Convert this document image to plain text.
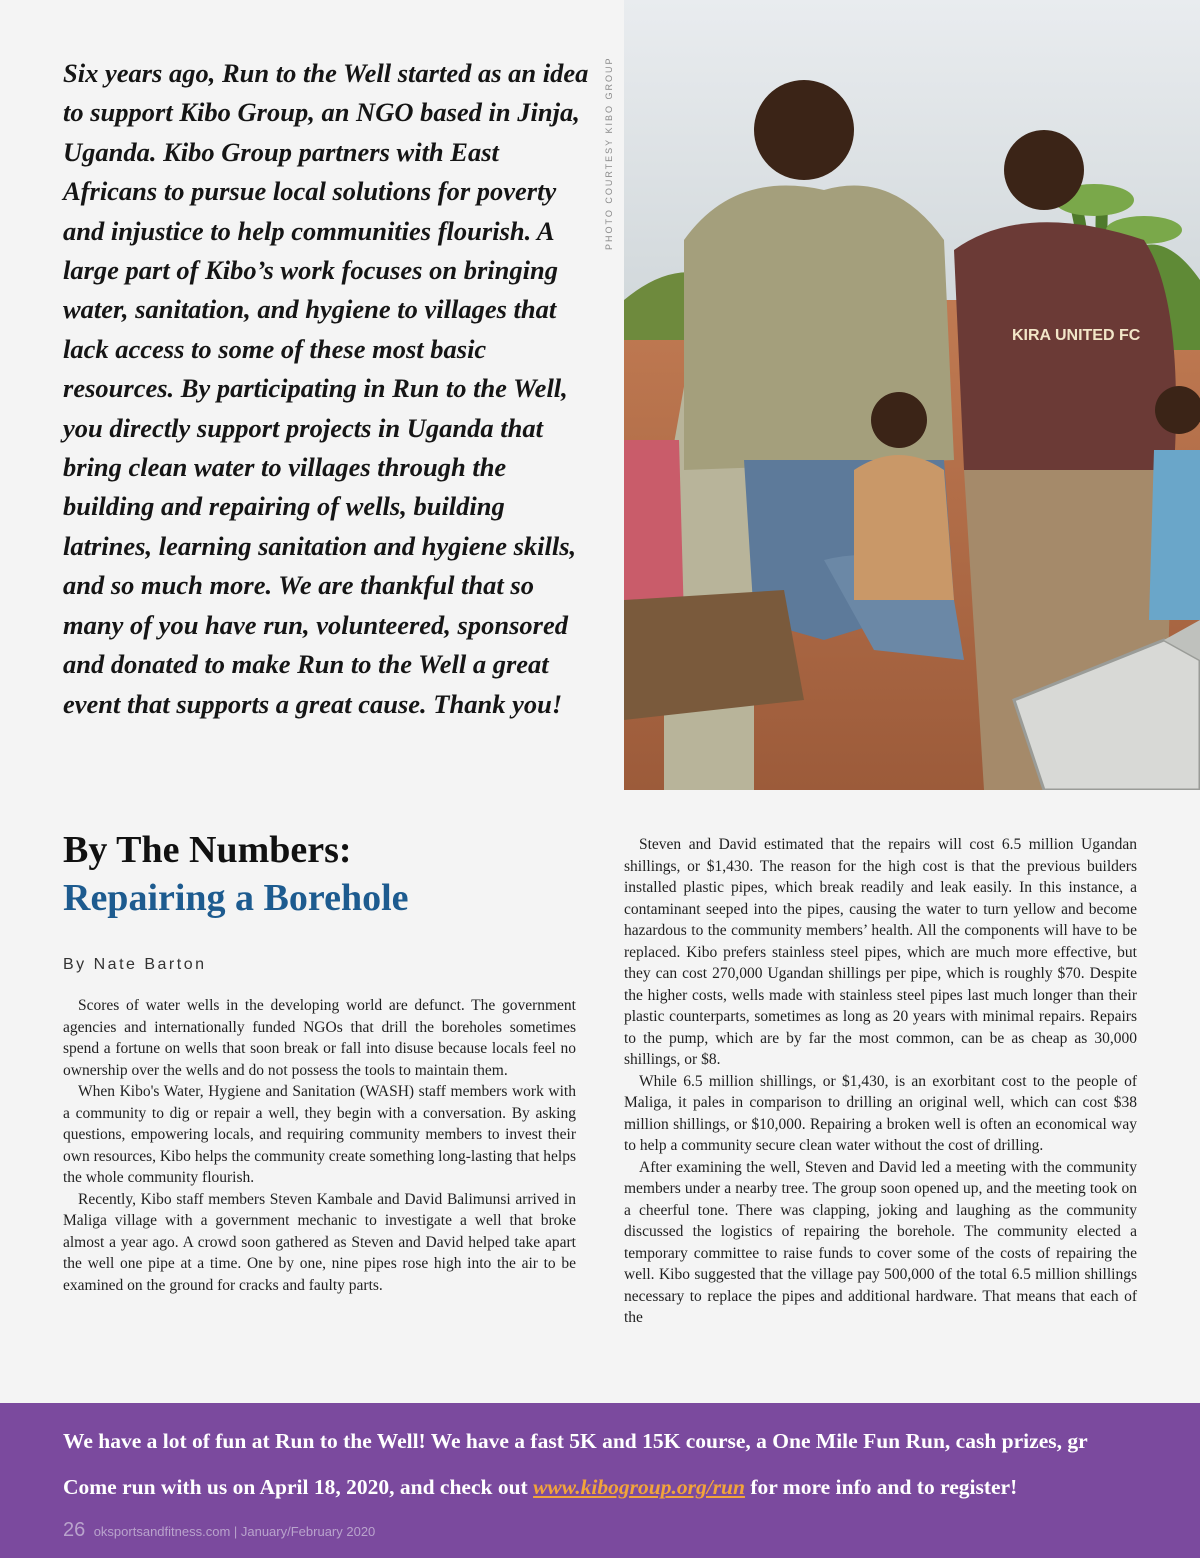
Six years ago, Run to the Well started as an idea to support Kibo Group, an NGO based in Jinja, Uganda. Kibo Group partners with East Africans to pursue local solutions for poverty and injustice to help communities flourish. A large part of Kibo’s work focuses on bringing water, sanitation, and hygiene to villages that lack access to some of these most basic resources. By participating in Run to the Well, you directly support projects in Uganda that bring clean water to villages through the building and repairing of wells, building latrines, learning sanitation and hygiene skills, and so much more. We are thankful that so many of you have run, volunteered, sponsored and donated to make Run to the Well a great event that supports a great cause. Thank you!

KIRA UNITED FC
PHOTO COURTESY KIBO GROUP
By The Numbers:
Repairing a Borehole
By Nate Barton

Scores of water wells in the developing world are defunct. The government agencies and internationally funded NGOs that drill the boreholes sometimes spend a fortune on wells that soon break or fall into disuse because locals feel no ownership over the wells and do not possess the tools to maintain them.

When Kibo's Water, Hygiene and Sanitation (WASH) staff members work with a community to dig or repair a well, they begin with a conversation. By asking questions, empowering locals, and requiring community members to invest their own resources, Kibo helps the community create something long-lasting that helps the whole community flourish.

Recently, Kibo staff members Steven Kambale and David Balimunsi arrived in Maliga village with a government mechanic to investigate a well that broke almost a year ago. A crowd soon gathered as Steven and David helped take apart the well one pipe at a time. One by one, nine pipes rose high into the air to be examined on the ground for cracks and faulty parts.

Steven and David estimated that the repairs will cost 6.5 million Ugandan shillings, or $1,430. The reason for the high cost is that the previous builders installed plastic pipes, which break readily and leak easily. In this instance, a contaminant seeped into the pipes, causing the water to turn yellow and become hazardous to the community members’ health. All the components will have to be replaced. Kibo prefers stainless steel pipes, which are much more effective, but they can cost 270,000 Ugandan shillings per pipe, which is roughly $70. Despite the higher costs, wells made with stainless steel pipes last much longer than their plastic counterparts, sometimes as long as 20 years with minimal repairs. Repairs to the pump, which are by far the most common, can be as cheap as 30,000 shillings, or $8.

While 6.5 million shillings, or $1,430, is an exorbitant cost to the people of Maliga, it pales in comparison to drilling an original well, which can cost $38 million shillings, or $10,000. Repairing a broken well is often an economical way to help a community secure clean water without the cost of drilling.

After examining the well, Steven and David led a meeting with the community members under a nearby tree. The group soon opened up, and the meeting took on a cheerful tone. There was clapping, joking and laughing as the community discussed the logistics of repairing the borehole. The community elected a temporary committee to raise funds to cover some of the costs of repairing the well. Kibo suggested that the village pay 500,000 of the total 6.5 million shillings necessary to replace the pipes and additional hardware. That means that each of the

We have a lot of fun at Run to the Well! We have a fast 5K and 15K course, a One Mile Fun Run, cash prizes, gr
Come run with us on April 18, 2020, and check out www.kibogroup.org/run for more info and to register!
26 oksportsandfitness.com | January/February 2020
